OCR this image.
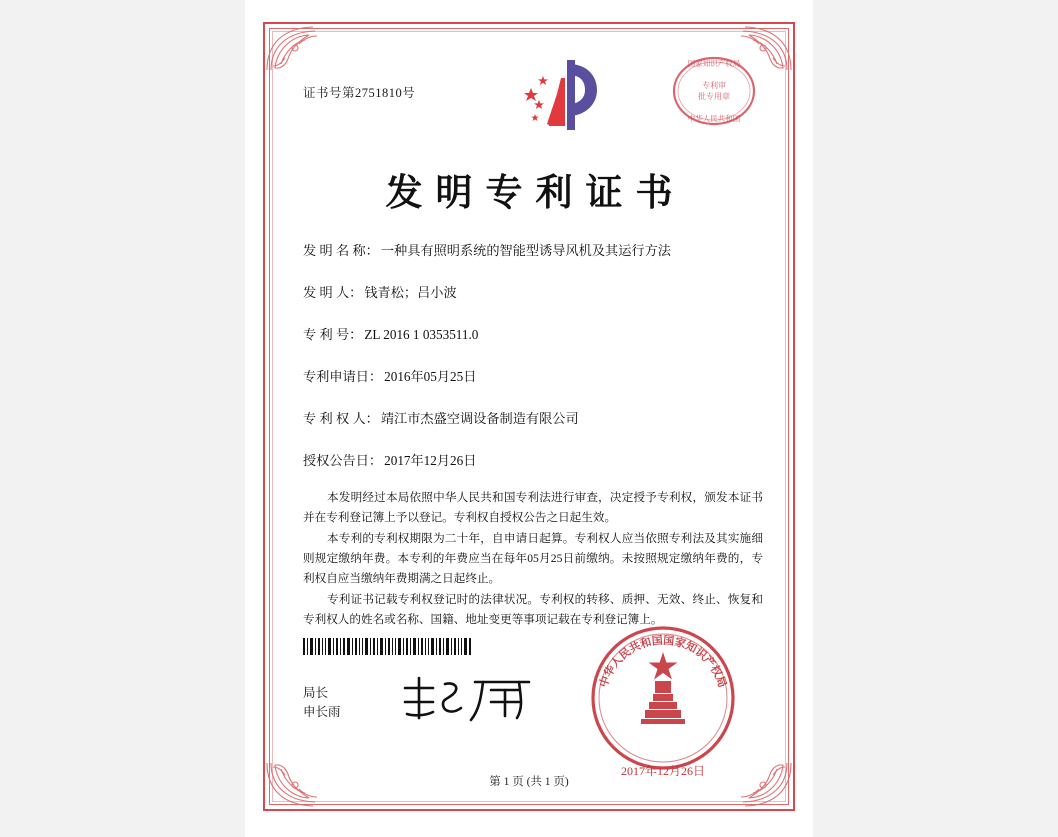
证书号第2751810号
国家知识产权局
专利审
批专用章
中华人民共和国
发明专利证书
发 明 名 称： 一种具有照明系统的智能型诱导风机及其运行方法
发 明 人： 钱青松；吕小波
专 利 号： ZL 2016 1 0353511.0
专利申请日： 2016年05月25日
专 利 权 人： 靖江市杰盛空调设备制造有限公司
授权公告日： 2017年12月26日

本发明经过本局依照中华人民共和国专利法进行审查，决定授予专利权，颁发本证书并在专利登记簿上予以登记。专利权自授权公告之日起生效。

本专利的专利权期限为二十年，自申请日起算。专利权人应当依照专利法及其实施细则规定缴纳年费。本专利的年费应当在每年05月25日前缴纳。未按照规定缴纳年费的，专利权自应当缴纳年费期满之日起终止。

专利证书记载专利权登记时的法律状况。专利权的转移、质押、无效、终止、恢复和专利权人的姓名或名称、国籍、地址变更等事项记载在专利登记簿上。

局长
申长雨
中华人民共和国国家知识产权局
2017年12月26日
第 1 页 (共 1 页)
